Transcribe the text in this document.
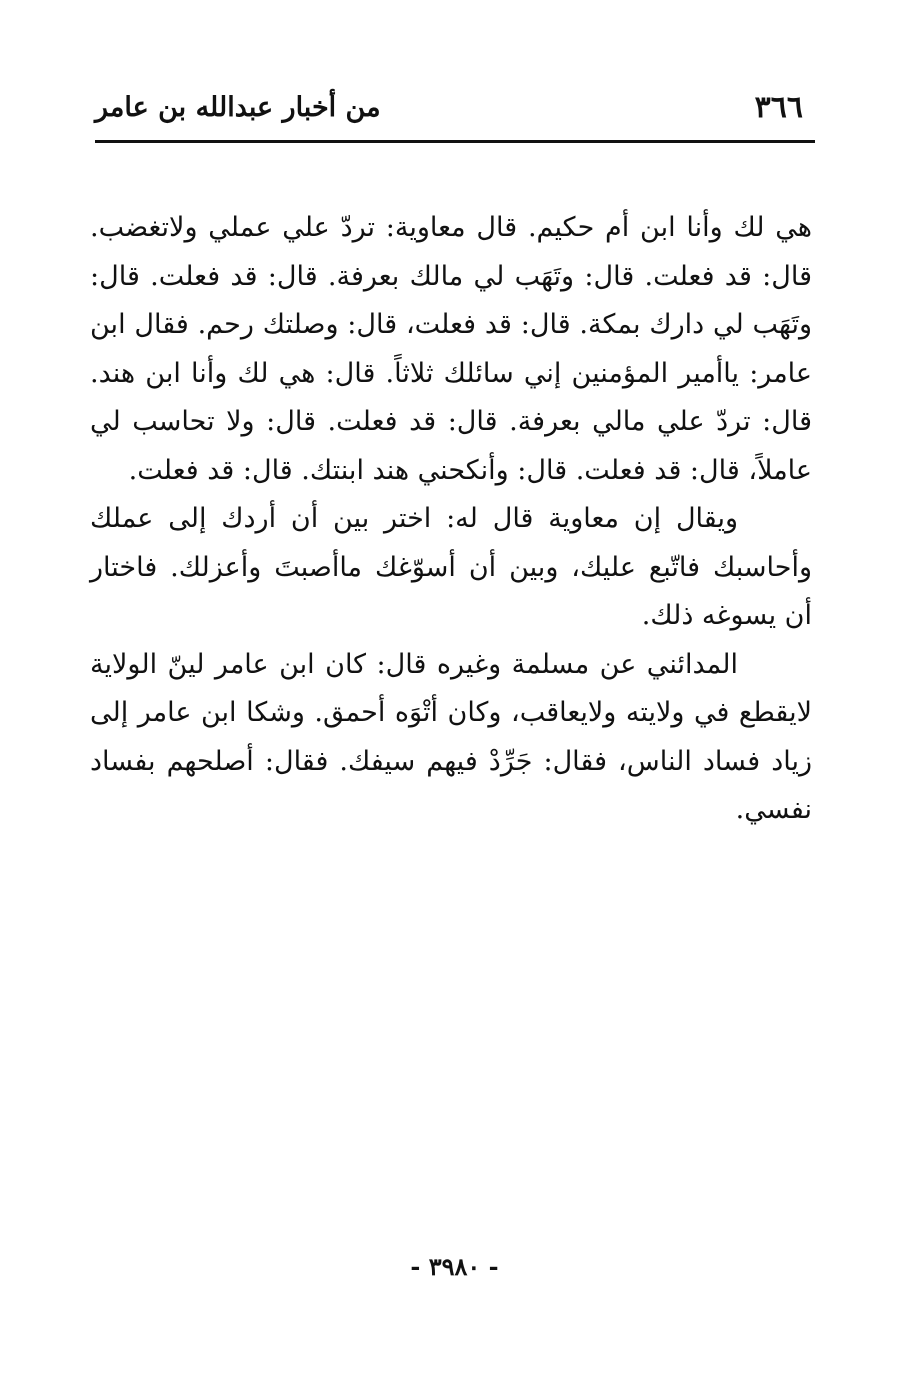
٣٦٦
من أخبار عبدالله بن عامر

هي لك وأنا ابن أم حكيم. قال معاوية: تردّ علي عملي ولاتغضب. قال: قد فعلت. قال: وتَهَب لي مالك بعرفة. قال: قد فعلت. قال: وتَهَب لي دارك بمكة. قال: قد فعلت، قال: وصلتك رحم. فقال ابن عامر: ياأمير المؤمنين إني سائلك ثلاثاً. قال: هي لك وأنا ابن هند. قال: تردّ علي مالي بعرفة. قال: قد فعلت. قال: ولا تحاسب لي عاملاً، قال: قد فعلت. قال: وأنكحني هند ابنتك. قال: قد فعلت.

ويقال إن معاوية قال له: اختر بين أن أردك إلى عملك وأحاسبك فاتّبع عليك، وبين أن أسوّغك ماأصبتَ وأعزلك. فاختار أن يسوغه ذلك.

المدائني عن مسلمة وغيره قال: كان ابن عامر لينّ الولاية لايقطع في ولايته ولايعاقب، وكان أتْوَه أحمق. وشكا ابن عامر إلى زياد فساد الناس، فقال: جَرِّدْ فيهم سيفك. فقال: أصلحهم بفساد نفسي.

- ٣٩٨٠ -
